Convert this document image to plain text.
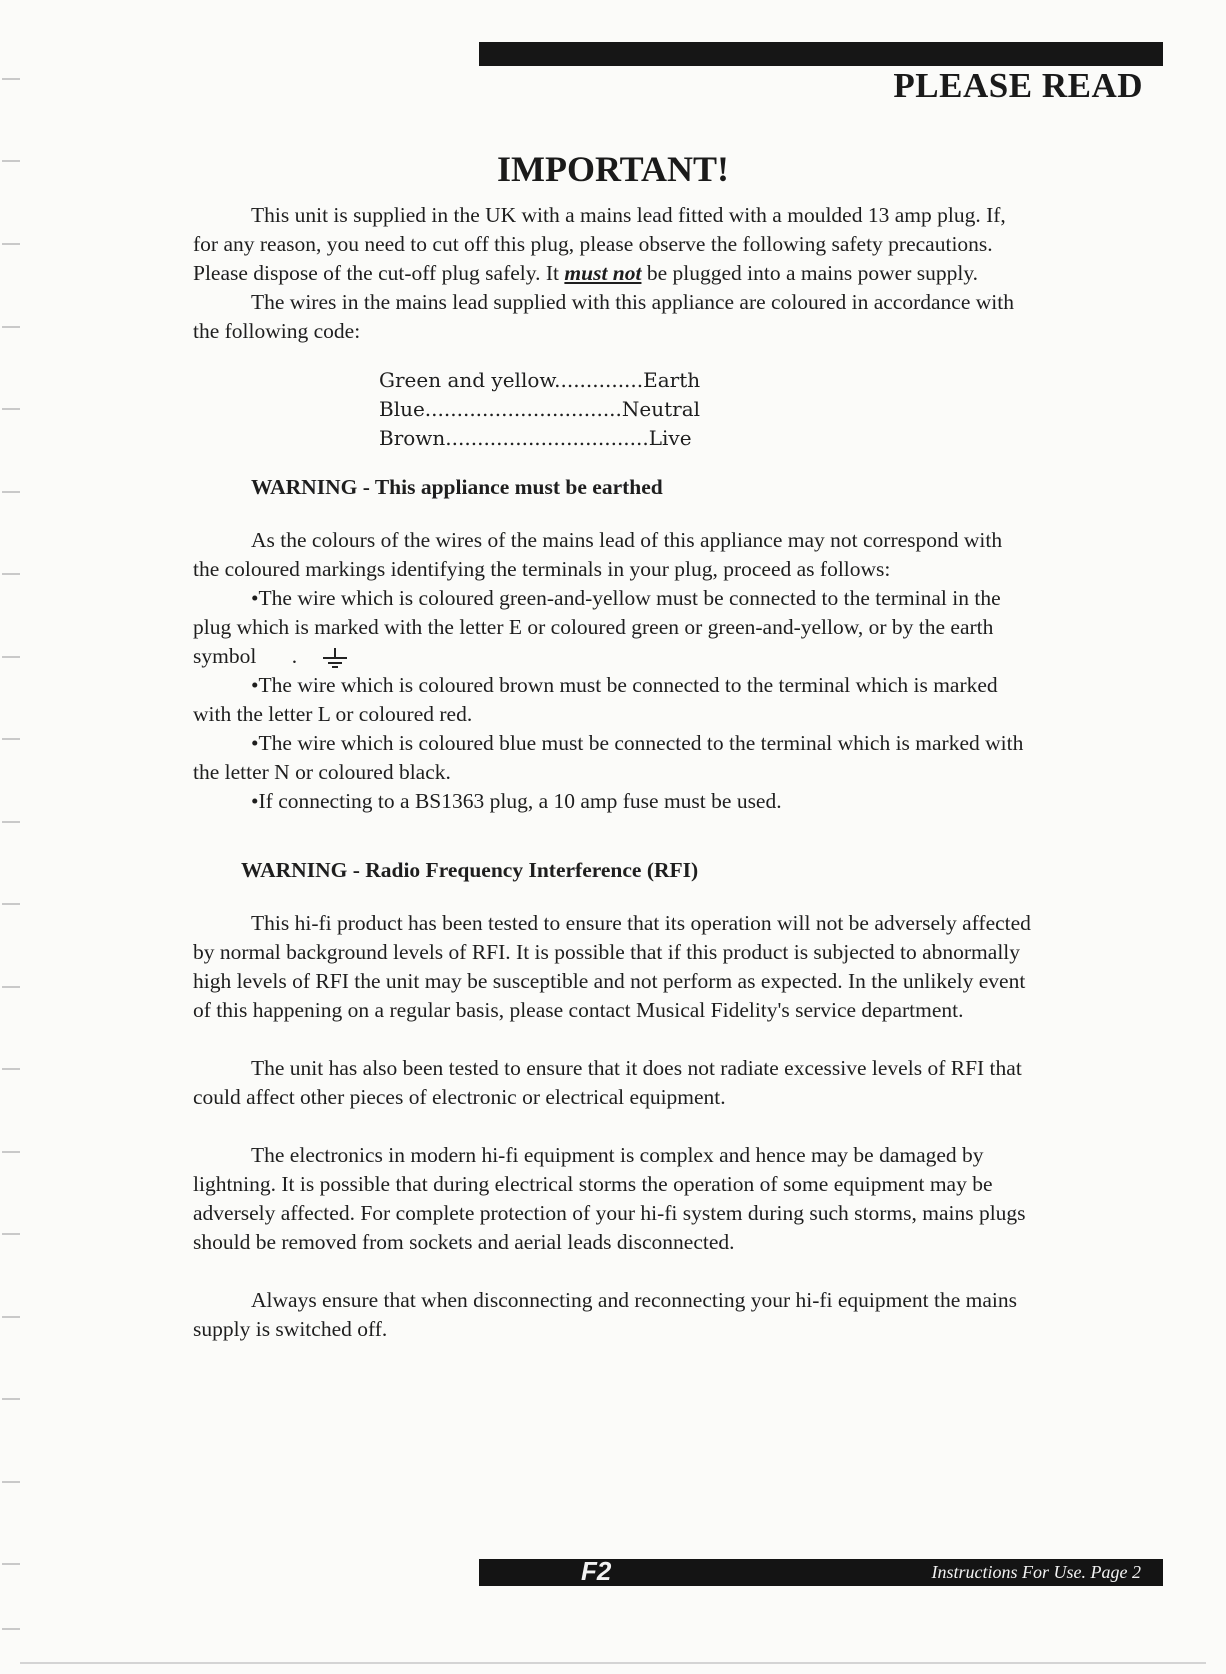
PLEASE READ
IMPORTANT!

This unit is supplied in the UK with a mains lead fitted with a moulded 13 amp plug. If, for any reason, you need to cut off this plug, please observe the following safety precautions. Please dispose of the cut-off plug safely. It must not be plugged into a mains power supply.

The wires in the mains lead supplied with this appliance are coloured in accordance with the following code:

Green and yellow..............Earth
Blue...............................Neutral
Brown................................Live

WARNING - This appliance must be earthed

As the colours of the wires of the mains lead of this appliance may not correspond with the coloured markings identifying the terminals in your plug, proceed as follows:

•The wire which is coloured green-and-yellow must be connected to the terminal in the plug which is marked with the letter E or coloured green or green-and-yellow, or by the earth symbol .

•The wire which is coloured brown must be connected to the terminal which is marked with the letter L or coloured red.

•The wire which is coloured blue must be connected to the terminal which is marked with the letter N or coloured black.

•If connecting to a BS1363 plug, a 10 amp fuse must be used.

WARNING - Radio Frequency Interference (RFI)

This hi-fi product has been tested to ensure that its operation will not be adversely affected by normal background levels of RFI. It is possible that if this product is subjected to abnormally high levels of RFI the unit may be susceptible and not perform as expected. In the unlikely event of this happening on a regular basis, please contact Musical Fidelity's service department.

The unit has also been tested to ensure that it does not radiate excessive levels of RFI that could affect other pieces of electronic or electrical equipment.

The electronics in modern hi-fi equipment is complex and hence may be damaged by lightning. It is possible that during electrical storms the operation of some equipment may be adversely affected. For complete protection of your hi-fi system during such storms, mains plugs should be removed from sockets and aerial leads disconnected.

Always ensure that when disconnecting and reconnecting your hi-fi equipment the mains supply is switched off.

F2	Instructions For Use. Page 2
